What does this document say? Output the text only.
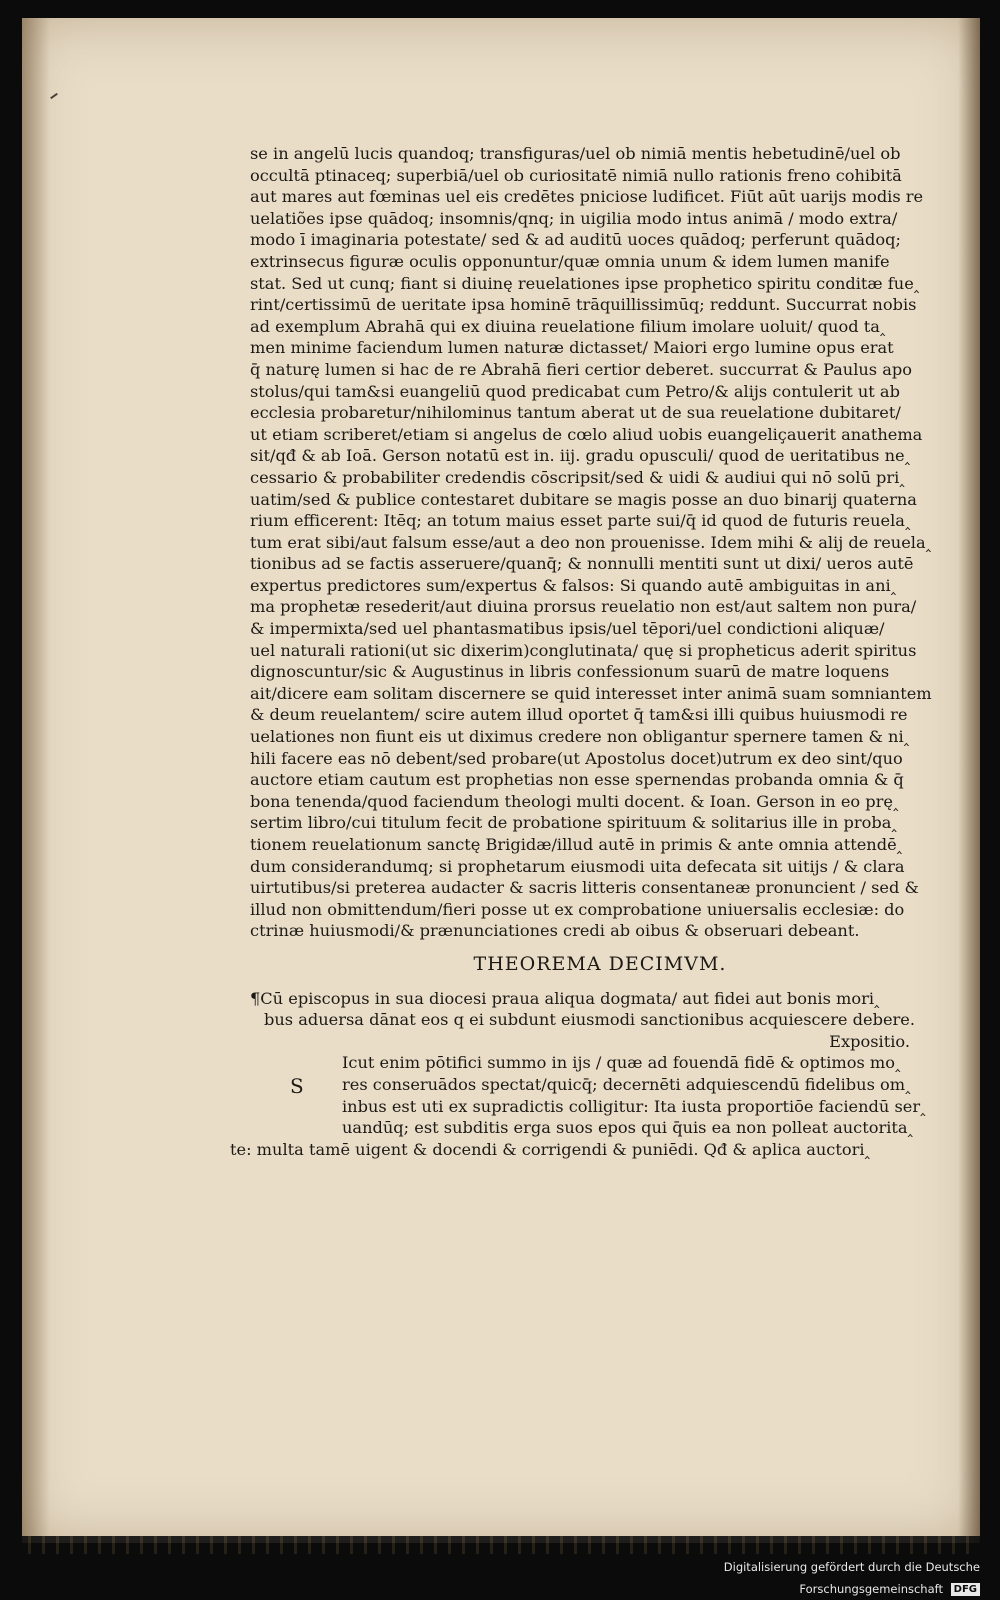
se in angelū lucis quandoq; transfiguras/uel ob nimiā mentis hebetudinē/uel ob
occultā ptinaceq; superbiā/uel ob curiositatē nimiā nullo rationis freno cohibitā
aut mares aut fœminas uel eis credētes pniciose ludificet. Fiūt aūt uarijs modis re
uelatiões ipse quādoq; insomnis/qnq; in uigilia modo intus animā / modo extra/
modo ī imaginaria potestate/ sed & ad auditū uoces quādoq; perferunt quādoq;
extrinsecus figuræ oculis opponuntur/quæ omnia unum & idem lumen manife
stat. Sed ut cunq; fiant si diuinę reuelationes ipse prophetico spiritu conditæ fue‸
rint/certissimū de ueritate ipsa hominē trāquillissimūq; reddunt. Succurrat nobis
ad exemplum Abrahā qui ex diuina reuelatione filium imolare uoluit/ quod ta‸
men minime faciendum lumen naturæ dictasset/ Maiori ergo lumine opus erat
q̄ naturę lumen si hac de re Abrahā fieri certior deberet. succurrat & Paulus apo
stolus/qui tam&si euangeliū quod predicabat cum Petro/& alijs contulerit ut ab
ecclesia probaretur/nihilominus tantum aberat ut de sua reuelatione dubitaret/
ut etiam scriberet/etiam si angelus de cœlo aliud uobis euangeliçauerit anathema
sit/qđ & ab Ioā. Gerson notatū est in. iij. gradu opusculi/ quod de ueritatibus ne‸
cessario & probabiliter credendis cōscripsit/sed & uidi & audiui qui nō solū pri‸
uatim/sed & publice contestaret dubitare se magis posse an duo binarij quaterna
rium efficerent: Itēq; an totum maius esset parte sui/q̄ id quod de futuris reuela‸
tum erat sibi/aut falsum esse/aut a deo non prouenisse. Idem mihi & alij de reuela‸
tionibus ad se factis asseruere/quanq̄; & nonnulli mentiti sunt ut dixi/ ueros autē
expertus predictores sum/expertus & falsos: Si quando autē ambiguitas in ani‸
ma prophetæ resederit/aut diuina prorsus reuelatio non est/aut saltem non pura/
& impermixta/sed uel phantasmatibus ipsis/uel tēpori/uel condictioni aliquæ/
uel naturali rationi(ut sic dixerim)conglutinata/ quę si propheticus aderit spiritus
dignoscuntur/sic & Augustinus in libris confessionum suarū de matre loquens
ait/dicere eam solitam discernere se quid interesset inter animā suam somniantem
& deum reuelantem/ scire autem illud oportet q̄ tam&si illi quibus huiusmodi re
uelationes non fiunt eis ut diximus credere non obligantur spernere tamen & ni‸
hili facere eas nō debent/sed probare(ut Apostolus docet)utrum ex deo sint/quo
auctore etiam cautum est prophetias non esse spernendas probanda omnia & q̄
bona tenenda/quod faciendum theologi multi docent. & Ioan. Gerson in eo prę‸
sertim libro/cui titulum fecit de probatione spirituum & solitarius ille in proba‸
tionem reuelationum sanctę Brigidæ/illud autē in primis & ante omnia attendē‸
dum considerandumq; si prophetarum eiusmodi uita defecata sit uitijs / & clara
uirtutibus/si preterea audacter & sacris litteris consentaneæ pronuncient / sed &
illud non obmittendum/fieri posse ut ex comprobatione uniuersalis ecclesiæ: do
ctrinæ huiusmodi/& prænunciationes credi ab oibus & obseruari debeant.
THEOREMA DECIMVM.
¶Cū episcopus in sua diocesi praua aliqua dogmata/ aut fidei aut bonis mori‸
bus aduersa dānat eos q ei subdunt eiusmodi sanctionibus acquiescere debere.
Expositio.
S
Icut enim pōtifici summo in ijs / quæ ad fouendā fidē & optimos mo‸
res conseruādos spectat/quicq̄; decernēti adquiescendū fidelibus om‸
inbus est uti ex supradictis colligitur: Ita iusta proportiōe faciendū ser‸
uandūq; est subditis erga suos epos qui q̄uis ea non polleat auctorita‸
te: multa tamē uigent & docendi & corrigendi & puniēdi. Qđ & aplica auctori‸
Digitalisierung gefördert durch die Deutsche Forschungsgemeinschaft DFG
